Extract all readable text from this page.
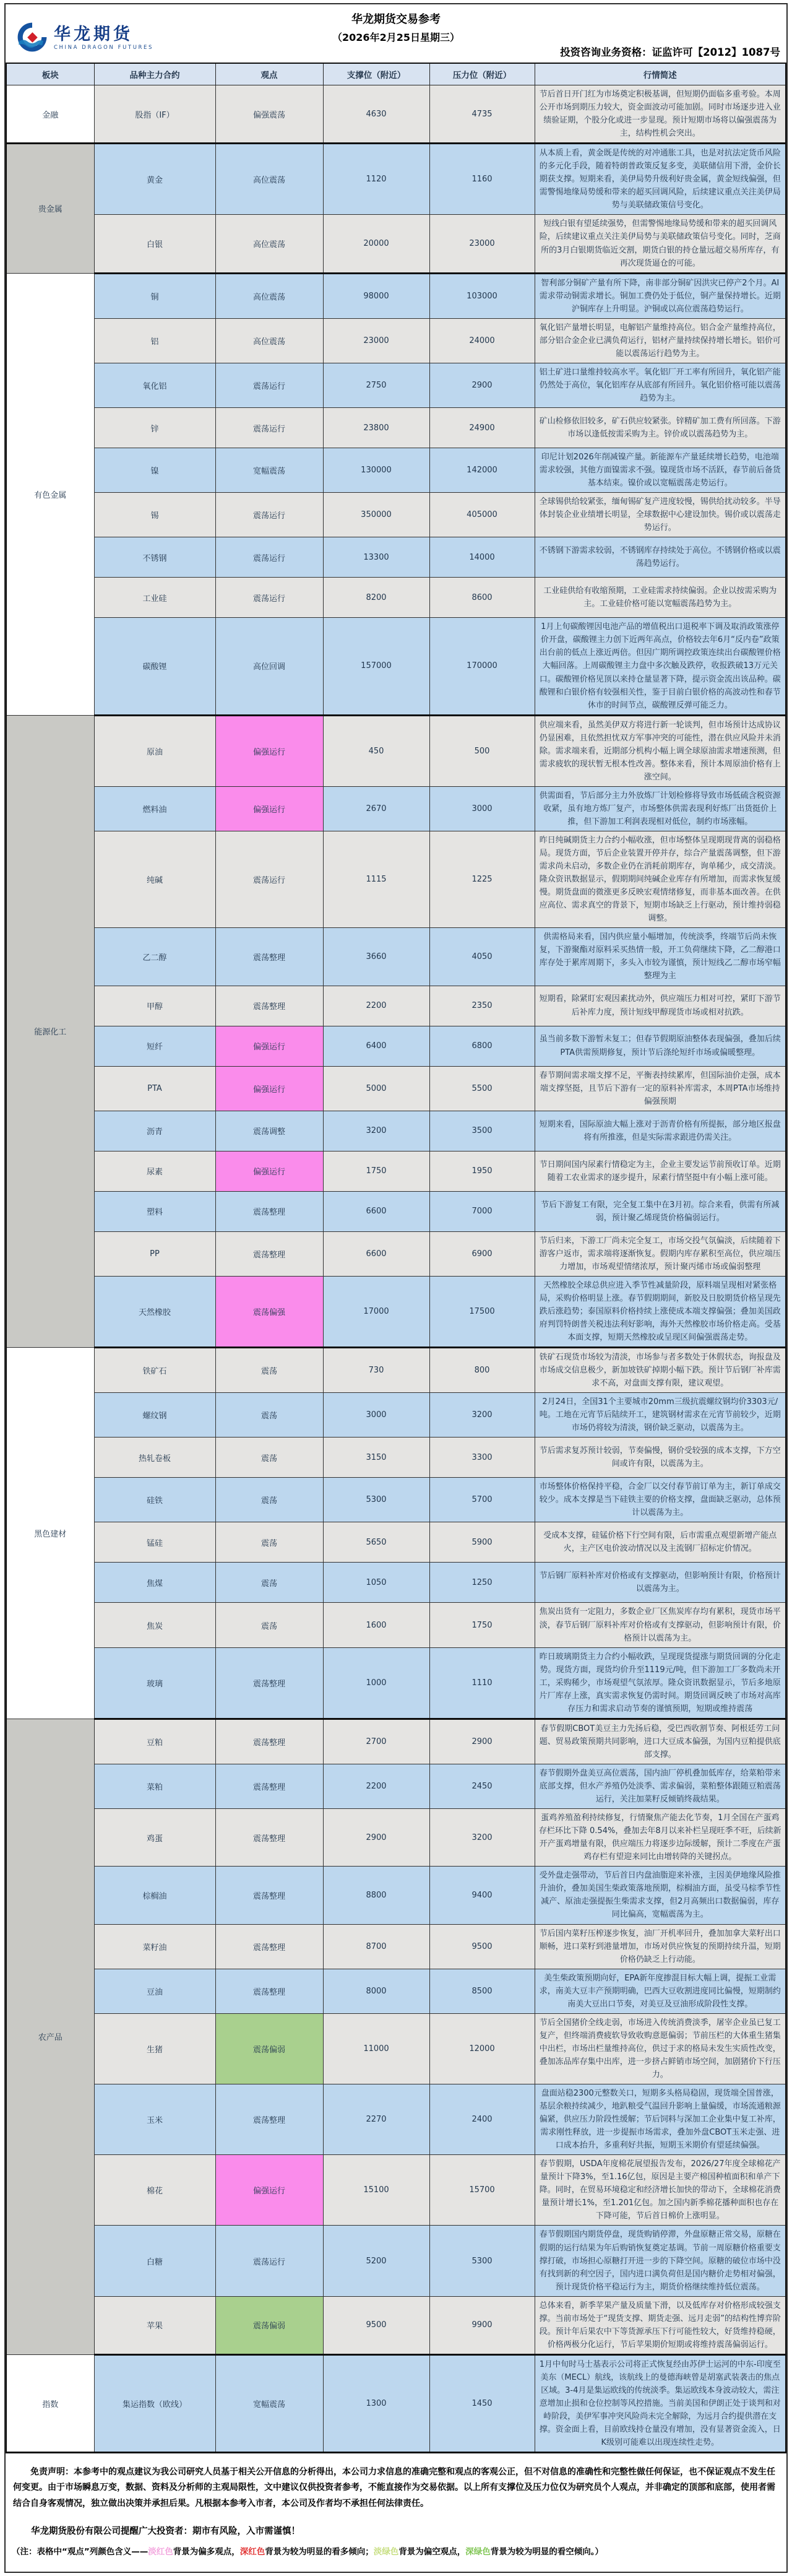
华龙期货
CHINA DRAGON FUTURES
华龙期货交易参考
（2026年2月25日星期三）
投资咨询业务资格：证监许可【2012】1087号
板块	品种主力合约	观点	支撑位（附近）	压力位（附近）	行情简述
金融	股指（IF）	偏强震荡	4630	4735	节后首日开门红为市场奠定积极基调，但短期仍面临多重考验。本周公开市场到期压力较大，资金面波动可能加剧。同时市场逐步进入业绩验证期，个股分化或进一步显现。预计短期市场将以偏强震荡为主，结构性机会突出。
贵金属	黄金	高位震荡	1120	1160	从本质上看，黄金既是传统的对冲通胀工具，也是对抗法定货币风险的多元化手段，随着特朗普政策反复多变，美联储信用下滑，金价长期获支撑。短期来看，美伊局势升级利好贵金属，黄金短线偏强，但需警惕地缘局势缓和带来的超买回调风险，后续建议重点关注美伊局势与美联储政策信号变化。
	白银	高位震荡	20000	23000	短线白银有望延续强势，但需警惕地缘局势缓和带来的超买回调风险，后续建议重点关注美伊局势与美联储政策信号变化。同时，芝商所的3月白银期货临近交割，期货白银的持仓量远超交易所库存，有再次现货逼仓的可能。
有色金属	铜	高位震荡	98000	103000	智利部分铜矿产量有所下降，南非部分铜矿因洪灾已停产2个月。AI需求带动铜需求增长。铜加工费仍处于低位，铜产量保持增长。近期沪铜库存上升明显。沪铜或以高位震荡趋势运行。
	铝	高位震荡	23000	24000	氧化铝产量增长明显，电解铝产量维持高位。铝合金产量维持高位，部分铝合金企业已满负荷运行，铝材产量持续保持增长增长。铝价可能以震荡运行趋势为主。
	氧化铝	震荡运行	2750	2900	铝土矿进口量维持较高水平。氧化铝厂开工率有所回升，氧化铝产能仍然处于高位，氧化铝库存从底部有所回升。氧化铝价格可能以震荡趋势为主。
	锌	震荡运行	23800	24900	矿山检修依旧较多，矿石供应较紧张。锌精矿加工费有所回落。下游市场以逢低按需采购为主。锌价或以震荡趋势为主。
	镍	宽幅震荡	130000	142000	印尼计划2026年削减镍产量。新能源车产量延续增长趋势，电池端需求较强，其他方面镍需求不强。镍现货市场不活跃，春节前后备货基本结束。镍价或以宽幅震荡走势运行。
	锡	震荡运行	350000	405000	全球锡供给较紧张，缅甸锡矿复产进度较慢，锡供给扰动较多。半导体封装企业业绩增长明显，全球数据中心建设加快。锡价或以震荡走势运行。
	不锈钢	震荡运行	13300	14000	不锈钢下游需求较弱，不锈钢库存持续处于高位。不锈钢价格或以震荡趋势运行。
	工业硅	震荡运行	8200	8600	工业硅供给有收缩预期，工业硅需求持续偏弱。企业以按需采购为主。工业硅价格可能以宽幅震荡趋势为主。
	碳酸锂	高位回调	157000	170000	1月上旬碳酸锂因电池产品的增值税出口退税率下调及取消政策涨停价开盘，碳酸锂主力创下近两年高点，价格较去年6月“反内卷”政策出台前的低点上涨近两倍。但因广期所调控政策连续出台碳酸锂价格大幅回落。上周碳酸锂主力盘中多次触及跌停，收报跌破13万元关口。碳酸锂价格见顶以来持仓量显著下降，提示资金流出该品种。碳酸锂和白银价格有较强相关性，鉴于目前白银价格的高波动性和春节休市的时间节点，碳酸锂反弹可能乏力。
能源化工	原油	偏强运行	450	500	供应端来看，虽然美伊双方将进行新一轮谈判，但市场预计达成协议仍显困难，且依然担忧双方军事冲突的可能性，潜在供应风险并未消除。需求端来看，近期部分机构小幅上调全球原油需求增速预测，但需求疲软的现状暂无根本性改善。整体来看，预计本周原油价格有上涨空间。
	燃料油	偏强运行	2670	3000	供需面看，节后部分主力外放炼厂计划检修将导致市场低硫含税资源收紧，虽有地方炼厂复产，市场整体供需表现利好炼厂出货挺价上推，但下游加工利润表现相对低位，制约市场涨幅。
	纯碱	震荡运行	1115	1225	昨日纯碱期货主力合约小幅收涨，但市场整体呈现期现背离的弱稳格局。现货方面，节后企业装置开停并存，综合产量震荡调整，但下游需求尚未启动，多数企业仍在消耗前期库存，询单稀少，成交清淡。隆众资讯数据显示，假期期间纯碱企业库存有所增加，而需求恢复缓慢。期货盘面的微涨更多反映宏观情绪修复，而非基本面改善。在供应高位、需求真空的背景下，短期市场缺乏上行驱动，预计维持弱稳调整。
	乙二醇	震荡整理	3660	4050	供需格局来看，国内供应量小幅增加，传统淡季，终端节后尚未恢复，下游聚酯对原料采买热情一般，开工负荷继续下降，乙二醇港口库存处于累库周期下，多头入市较为谨慎，预计短线乙二醇市场窄幅整理为主
	甲醇	震荡整理	2200	2350	短期看，除紧盯宏观因素扰动外，供应端压力相对可控，紧盯下游节后补库力度，预计短线甲醇现货市场或相对抗跌。
	短纤	偏强运行	6400	6800	虽当前多数下游暂未复工；但春节假期原油整体表现偏强，叠加后续PTA供需预期修复，预计节后涤纶短纤市场或偏暖整理。
	PTA	偏强运行	5000	5500	春节期间需求端支撑不足，平衡表持续累库，但国际油价走强，成本端支撑坚挺，且节后下游有一定的原料补库需求，本周PTA市场维持偏强预期
	沥青	震荡调整	3200	3500	短期来看，国际原油大幅上涨对于沥青价格有所提振，部分地区报盘将有所推涨，但是实际需求跟进仍需关注。
	尿素	偏强运行	1750	1950	节日期间国内尿素行情稳定为主，企业主要发运节前预收订单。近期随着工农业需求的逐步提升，尿素行情坚挺中有小幅上涨可能。
	塑料	震荡整理	6600	7000	节后下游复工有限，完全复工集中在3月初。综合来看，供需有所减弱，预计聚乙烯现货价格偏弱运行。
	PP	震荡整理	6600	6900	节后归来，下游工厂尚未完全复工，市场交投气氛偏淡，后续随着下游客户返市，需求端将逐渐恢复。假期内库存累积至高位，供应端压力增加，市场观望情绪浓厚，预计聚丙烯市场或偏弱整理
	天然橡胶	震荡偏强	17000	17500	天然橡胶全球总供应进入季节性减量阶段，原料端呈现相对紧张格局，采购价格明显上涨。春节假期期间，新胶及日胶期货价格呈现先跌后涨趋势；泰国原料价格持续上涨使成本端支撑偏强；叠加美国政府判罚特朗普关税违法利好影响，海外天然橡胶市场价格走高。受基本面支撑，短期天然橡胶或呈现区间偏强震荡走势。
黑色建材	铁矿石	震荡	730	800	铁矿石现货市场较为清淡，市场参与者多数处于休假状态，询报盘及市场成交信息极少，新加坡铁矿掉期小幅下跌。预计节后钢厂补库需求不高，对盘面支撑有限，建议观望。
	螺纹钢	震荡	3000	3200	2月24日，全国31个主要城市20mm三级抗震螺纹钢均价3303元/吨。工地在元宵节后陆续开工，建筑钢材需求在元宵节前较少，近期市场仍将较为清淡，钢价缺乏驱动，以震荡为主。
	热轧卷板	震荡	3150	3300	节后需求复苏预计较弱，节奏偏慢，钢价受较强的成本支撑，下方空间或许有限，以震荡为主。
	硅铁	震荡	5300	5700	市场整体价格保持平稳，合金厂以交付春节前订单为主，新订单成交较少。成本支撑是当下硅铁主要的价格支撑，盘面缺乏驱动，总体预计以震荡为主。
	锰硅	震荡	5650	5900	受成本支撑，硅锰价格下行空间有限，后市需重点观望新增产能点火，主产区电价波动情况以及主流钢厂招标定价情况。
	焦煤	震荡	1050	1250	节后钢厂原料补库对价格或有支撑驱动，但影响预计有限，价格预计以震荡为主。
	焦炭	震荡	1600	1750	焦炭出货有一定阻力，多数企业厂区焦炭库存均有累积，现货市场平淡，春节后钢厂原料补库对价格或有支撑驱动，但影响预计有限，价格预计以震荡为主。
	玻璃	震荡整理	1000	1110	昨日玻璃期货主力合约小幅收跌，呈现现货提涨与期货回调的分化走势。现货方面，现货均价升至1119元/吨，但下游加工厂多数尚未开工，采购稀少，市场观望气氛浓厚。隆众资讯数据显示，节后多地原片厂库存上涨，真实需求恢复仍需时间。期货回调反映了市场对高库存压力和需求启动节奏的谨慎预期，短期或维持震荡
农产品	豆粕	震荡整理	2700	2900	春节假期CBOT美豆主力先扬后稳，受巴西收割节奏、阿根廷劳工问题、贸易政策预期共同影响，进口大豆成本偏强，为国内豆粕提供底部支撑。
	菜粕	震荡整理	2200	2450	春节假期外盘美豆高位震荡，国内油厂停机叠加低库存，给菜粕带来底部支撑，但水产养殖仍处淡季、需求偏弱，菜粕整体跟随豆粕震荡运行，关注加菜籽反倾销终裁结果。
	鸡蛋	震荡整理	2900	3200	蛋鸡养殖盈利持续修复，行情聚焦产能去化节奏，1月全国在产蛋鸡存栏环比下降 0.54%，叠加去年8月以来补栏呈现旺季不旺，后续新开产蛋鸡增量有限，供应端压力将逐步边际缓解，预计二季度在产蛋鸡存栏有望迎来同比由增转降的关键拐点。
	棕榈油	震荡整理	8800	9400	受外盘走强带动，节后首日内盘油脂迎来补涨，主因美伊地缘风险推升油价，叠加美国生柴政策落地预期，棕榈油方面，虽受马棕季节性减产、原油走强提振生柴需求支撑，但2月高频出口数据偏弱，库存同比偏高，宽幅震荡为主。
	菜籽油	震荡整理	8700	9500	节后国内菜籽压榨逐步恢复，油厂开机率回升，叠加加拿大菜籽出口顺畅，进口菜籽到港量增加，市场对供应恢复的预期持续升温，短期价格仍缺乏上行动能。
	豆油	震荡整理	8000	8500	美生柴政策预期向好，EPA新年度掺混目标大幅上调，提振工业需求，南美大豆丰产预期明确，巴西大豆收割进度同比偏慢，短期制约南美大豆出口节奏，对美豆及豆油形成阶段性支撑。
	生猪	震荡偏弱	11000	12000	节后全国猪价全线走弱，市场进入传统消费淡季，屠宰企业虽已复工复产，但终端消费疲软导致收购意愿偏弱；节前压栏的大体重生猪集中出栏，市场出栏量维持高位，供过于求的格局未发生实质性改变，叠加冻品库存集中出库，进一步挤占鲜销市场空间，加剧猪价下行压力。
	玉米	震荡整理	2270	2400	盘面站稳2300元整数关口，短期多头格局稳固，现货端全国普涨，基层余粮持续减少，地趴粮受气温回升影响上量偏缓，市场流通粮源偏紧，供应压力阶段性缓解；节后饲料与深加工企业集中复工补库，需求刚性释放，进一步提振市场需求，叠加外盘CBOT玉米走强、进口成本抬升，多重利好共振，短期玉米期价有望延续偏强。
	棉花	偏强运行	15100	15700	春节假期，USDA年度棉花展望报告发布，2026/27年度全球棉花产量预计下降3%，至1.16亿包，原因是主要产棉国种植面积和单产下降。同时，在贸易环境稳定和经济增长加快的带动下，全球棉花消费量预计增长1%，至1.201亿包。加之国内新季棉花播种面积也存在下降可能，节后首日棉价上涨明显。
	白糖	震荡运行	5200	5300	春节假期国内期货停盘，现货购销停滞，外盘原糖正常交易，原糖在假期的运行结果为年后购销恢复奠定基调。节前一周原糖价格重要支撑打破，市场担心原糖打开进一步的下降空间。原糖的破位市场中没有找到新的利空因子，国内进口满负荷但是国内糖价走势相对偏强，预计现货价格平稳运行为主，期货价格继续维持低位震荡。
	苹果	震荡偏弱	9500	9900	总体来看，新季苹果产量及质量下滑，以及低库存对价格形成较强支撑。当前市场处于“现货支撑、期货走强、远月走弱”的结构性博弈阶段。预计年后果农中下等货源承压下行可能性较大，好货维持稳硬，价格两极分化运行，节后苹果期价短期或将维持震荡偏弱运行。
指数	集运指数（欧线）	宽幅震荡	1300	1450	1月中旬时马士基表示公司将正式恢复经由苏伊士运河的中东-印度至美东（MECL）航线，该航线上的曼德海峡曾是胡塞武装袭击的焦点区域。3-4月是集运欧线的传统淡季。集运欧线本身波动较大，需注意增加止损和仓位控制等风控措施。当前美国和伊朗正处于谈判和对峙阶段，美伊军事冲突风险尚未完全解除，为远月合约提供潜在支撑。资金面上看，目前欧线持仓量没有增加，没有显著资金流入，日K级别可能难以出现连续性走势。

免责声明：本参考中的观点建议为我公司研究人员基于相关公开信息的分析得出，本公司力求信息的准确完整和观点的客观公正，但不对信息的准确性和完整性做任何保证，也不保证观点不发生任何变更。由于市场瞬息万变，数据、资料及分析师的主观局限性，文中建议仅供投资者参考，不能直接作为交易依据。以上所有支撑位及压力位仅为研究员个人观点，并非确定的顶部和底部，使用者需结合自身客观情况，独立做出决策并承担后果。凡根据本参考入市者，本公司及作者均不承担任何法律责任。

华龙期货股份有限公司提醒广大投资者：期市有风险，入市需谨慎！

（注：表格中“观点”列颜色含义——淡红色背景为偏多观点，深红色背景为较为明显的看多倾向；淡绿色背景为偏空观点，深绿色背景为较为明显的看空倾向。）
